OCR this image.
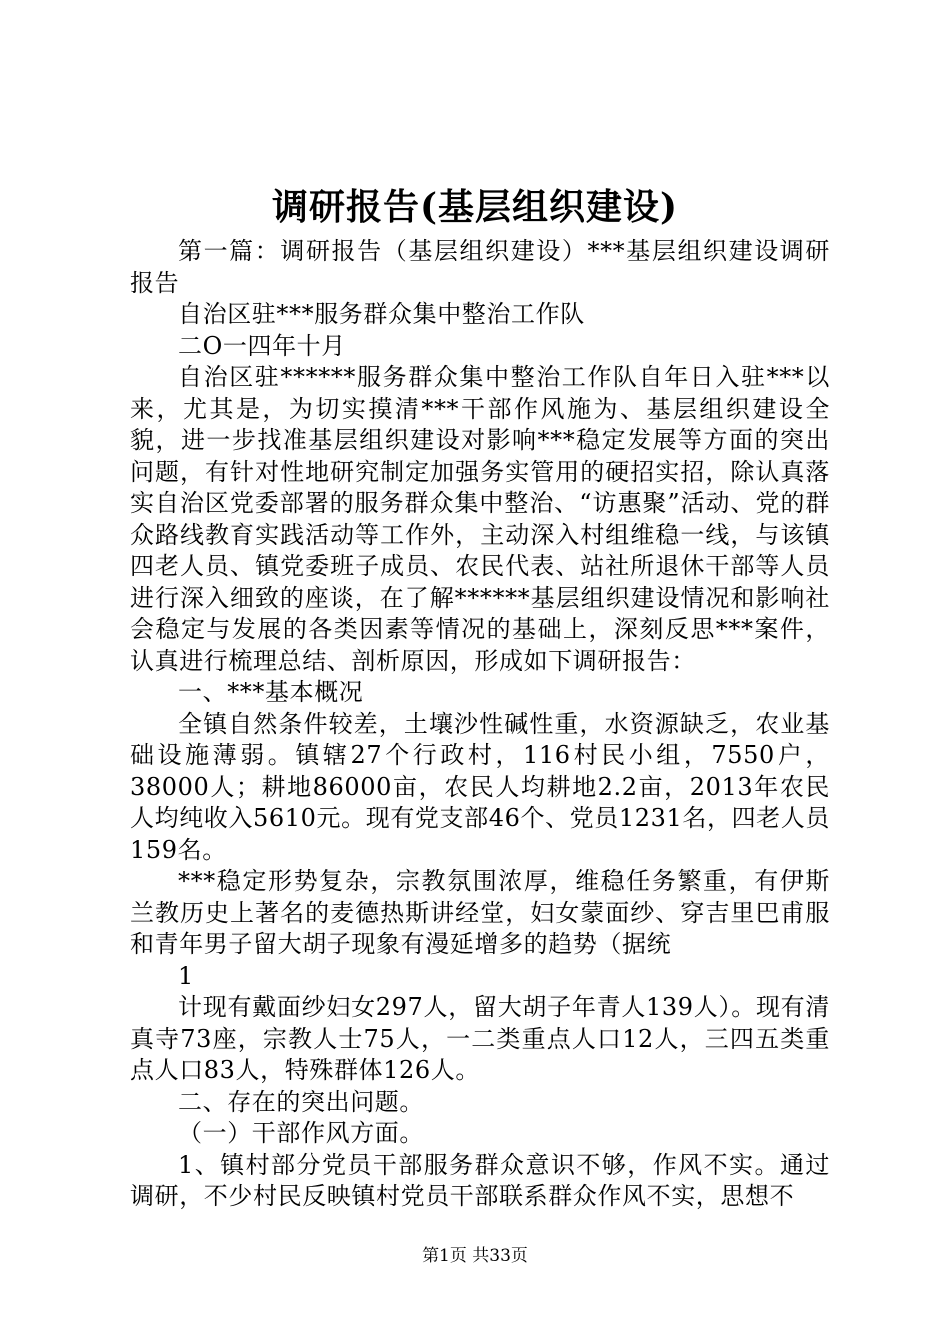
调研报告(基层组织建设)

第一篇：调研报告（基层组织建设）***基层组织建设调研报告

自治区驻***服务群众集中整治工作队

二O一四年十月

自治区驻******服务群众集中整治工作队自年日入驻***以来，尤其是，为切实摸清***干部作风施为、基层组织建设全貌，进一步找准基层组织建设对影响***稳定发展等方面的突出问题，有针对性地研究制定加强务实管用的硬招实招，除认真落实自治区党委部署的服务群众集中整治、“访惠聚”活动、党的群众路线教育实践活动等工作外，主动深入村组维稳一线，与该镇四老人员、镇党委班子成员、农民代表、站社所退休干部等人员进行深入细致的座谈，在了解******基层组织建设情况和影响社会稳定与发展的各类因素等情况的基础上，深刻反思***案件，认真进行梳理总结、剖析原因，形成如下调研报告：

一、***基本概况

全镇自然条件较差，土壤沙性碱性重，水资源缺乏，农业基础设施薄弱。镇辖27个行政村，116村民小组，7550户，38000人；耕地86000亩，农民人均耕地2.2亩，2013年农民人均纯收入5610元。现有党支部46个、党员1231名，四老人员159名。

***稳定形势复杂，宗教氛围浓厚，维稳任务繁重，有伊斯兰教历史上著名的麦德热斯讲经堂，妇女蒙面纱、穿吉里巴甫服和青年男子留大胡子现象有漫延增多的趋势（据统

1

计现有戴面纱妇女297人，留大胡子年青人139人）。现有清真寺73座，宗教人士75人，一二类重点人口12人，三四五类重点人口83人，特殊群体126人。

二、存在的突出问题。

（一）干部作风方面。

1、镇村部分党员干部服务群众意识不够，作风不实。通过调研，不少村民反映镇村党员干部联系群众作风不实，思想不

第1页 共33页
